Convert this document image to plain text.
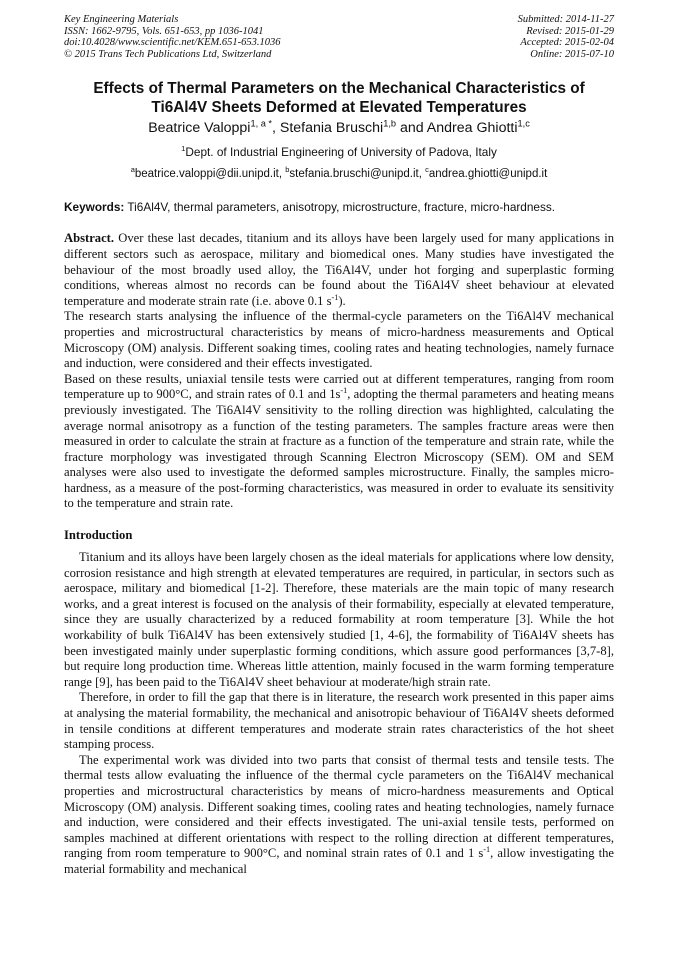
Key Engineering Materials
ISSN: 1662-9795, Vols. 651-653, pp 1036-1041
doi:10.4028/www.scientific.net/KEM.651-653.1036
© 2015 Trans Tech Publications Ltd, Switzerland
Submitted: 2014-11-27
Revised: 2015-01-29
Accepted: 2015-02-04
Online: 2015-07-10
Effects of Thermal Parameters on the Mechanical Characteristics of
Ti6Al4V Sheets Deformed at Elevated Temperatures
Beatrice Valoppi$^{1, a *}$, Stefania Bruschi$^{1,b}$ and Andrea Ghiotti$^{1,c}$
$^1$Dept. of Industrial Engineering of University of Padova, Italy
$^a$beatrice.valoppi@dii.unipd.it, $^b$stefania.bruschi@unipd.it, $^c$andrea.ghiotti@unipd.it
Keywords: Ti6Al4V, thermal parameters, anisotropy, microstructure, fracture, micro-hardness.

Abstract. Over these last decades, titanium and its alloys have been largely used for many applications in different sectors such as aerospace, military and biomedical ones. Many studies have investigated the behaviour of the most broadly used alloy, the Ti6Al4V, under hot forging and superplastic forming conditions, whereas almost no records can be found about the Ti6Al4V sheet behaviour at elevated temperature and moderate strain rate (i.e. above 0.1 $s^{-1}$).

The research starts analysing the influence of the thermal-cycle parameters on the Ti6Al4V mechanical properties and microstructural characteristics by means of micro-hardness measurements and Optical Microscopy (OM) analysis. Different soaking times, cooling rates and heating technologies, namely furnace and induction, were considered and their effects investigated.

Based on these results, uniaxial tensile tests were carried out at different temperatures, ranging from room temperature up to 900°C, and strain rates of 0.1 and $1s^{-1}$, adopting the thermal parameters and heating means previously investigated. The Ti6Al4V sensitivity to the rolling direction was highlighted, calculating the average normal anisotropy as a function of the testing parameters. The samples fracture areas were then measured in order to calculate the strain at fracture as a function of the temperature and strain rate, while the fracture morphology was investigated through Scanning Electron Microscopy (SEM). OM and SEM analyses were also used to investigate the deformed samples microstructure. Finally, the samples micro-hardness, as a measure of the post-forming characteristics, was measured in order to evaluate its sensitivity to the temperature and strain rate.

Introduction

Titanium and its alloys have been largely chosen as the ideal materials for applications where low density, corrosion resistance and high strength at elevated temperatures are required, in particular, in sectors such as aerospace, military and biomedical [1-2]. Therefore, these materials are the main topic of many research works, and a great interest is focused on the analysis of their formability, especially at elevated temperature, since they are usually characterized by a reduced formability at room temperature [3]. While the hot workability of bulk Ti6Al4V has been extensively studied [1, 4-6], the formability of Ti6Al4V sheets has been investigated mainly under superplastic forming conditions, which assure good performances [3,7-8], but require long production time. Whereas little attention, mainly focused in the warm forming temperature range [9], has been paid to the Ti6Al4V sheet behaviour at moderate/high strain rate.

Therefore, in order to fill the gap that there is in literature, the research work presented in this paper aims at analysing the material formability, the mechanical and anisotropic behaviour of Ti6Al4V sheets deformed in tensile conditions at different temperatures and moderate strain rates characteristics of the hot sheet stamping process.

The experimental work was divided into two parts that consist of thermal tests and tensile tests. The thermal tests allow evaluating the influence of the thermal cycle parameters on the Ti6Al4V mechanical properties and microstructural characteristics by means of micro-hardness measurements and Optical Microscopy (OM) analysis. Different soaking times, cooling rates and heating technologies, namely furnace and induction, were considered and their effects investigated. The uni-axial tensile tests, performed on samples machined at different orientations with respect to the rolling direction at different temperatures, ranging from room temperature to 900°C, and nominal strain rates of 0.1 and 1 $s^{-1}$, allow investigating the material formability and mechanical
